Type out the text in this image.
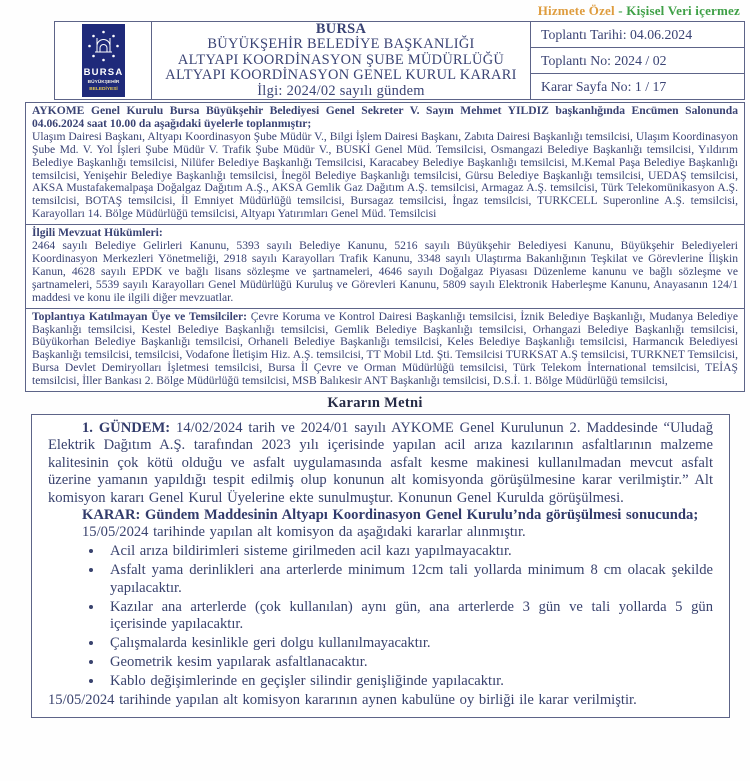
Hizmete Özel - Kişisel Veri içermez
BURSA
BÜYÜKŞEHİR
BELEDİYESİ
BURSA
BÜYÜKŞEHİR BELEDİYE BAŞKANLIĞI
ALTYAPI KOORDİNASYON ŞUBE MÜDÜRLÜĞÜ
ALTYAPI KOORDİNASYON GENEL KURUL KARARI
İlgi: 2024/02 sayılı gündem
Toplantı Tarihi: 04.06.2024
Toplantı No: 2024 / 02
Karar Sayfa No: 1 / 17
AYKOME Genel Kurulu Bursa Büyükşehir Belediyesi Genel Sekreter V. Sayın Mehmet YILDIZ başkanlığında Encümen Salonunda 04.06.2024 saat 10.00 da aşağıdaki üyelerle toplanmıştır;
Ulaşım Dairesi Başkanı, Altyapı Koordinasyon Şube Müdür V., Bilgi İşlem Dairesi Başkanı, Zabıta Dairesi Başkanlığı temsilcisi, Ulaşım Koordinasyon Şube Md. V. Yol İşleri Şube Müdür V. Trafik Şube Müdür V., BUSKİ Genel Müd. Temsilcisi, Osmangazi Belediye Başkanlığı temsilcisi, Yıldırım Belediye Başkanlığı temsilcisi, Nilüfer Belediye Başkanlığı Temsilcisi, Karacabey Belediye Başkanlığı temsilcisi, M.Kemal Paşa Belediye Başkanlığı temsilcisi, Yenişehir Belediye Başkanlığı temsilcisi, İnegöl Belediye Başkanlığı temsilcisi, Gürsu Belediye Başkanlığı temsilcisi, UEDAŞ temsilcisi, AKSA Mustafakemalpaşa Doğalgaz Dağıtım A.Ş., AKSA Gemlik Gaz Dağıtım A.Ş. temsilcisi, Armagaz A.Ş. temsilcisi, Türk Telekomünikasyon A.Ş. temsilcisi, BOTAŞ temsilcisi, İl Emniyet Müdürlüğü temsilcisi, Bursagaz temsilcisi, İngaz temsilcisi, TURKCELL Superonline A.Ş. temsilcisi, Karayolları 14. Bölge Müdürlüğü temsilcisi, Altyapı Yatırımları Genel Müd. Temsilcisi
İlgili Mevzuat Hükümleri:
2464 sayılı Belediye Gelirleri Kanunu, 5393 sayılı Belediye Kanunu, 5216 sayılı Büyükşehir Belediyesi Kanunu, Büyükşehir Belediyeleri Koordinasyon Merkezleri Yönetmeliği, 2918 sayılı Karayolları Trafik Kanunu, 3348 sayılı Ulaştırma Bakanlığının Teşkilat ve Görevlerine İlişkin Kanun, 4628 sayılı EPDK ve bağlı lisans sözleşme ve şartnameleri, 4646 sayılı Doğalgaz Piyasası Düzenleme kanunu ve bağlı sözleşme ve şartnameleri, 5539 sayılı Karayolları Genel Müdürlüğü Kuruluş ve Görevleri Kanunu, 5809 sayılı Elektronik Haberleşme Kanunu, Anayasanın 124/1 maddesi ve konu ile ilgili diğer mevzuatlar.
Toplantıya Katılmayan Üye ve Temsilciler: Çevre Koruma ve Kontrol Dairesi Başkanlığı temsilcisi, İznik Belediye Başkanlığı, Mudanya Belediye Başkanlığı temsilcisi, Kestel Belediye Başkanlığı temsilcisi, Gemlik Belediye Başkanlığı temsilcisi, Orhangazi Belediye Başkanlığı temsilcisi, Büyükorhan Belediye Başkanlığı temsilcisi, Orhaneli Belediye Başkanlığı temsilcisi, Keles Belediye Başkanlığı temsilcisi, Harmancık Belediyesi Başkanlığı temsilcisi, temsilcisi, Vodafone İletişim Hiz. A.Ş. temsilcisi, TT Mobil Ltd. Şti. Temsilcisi TURKSAT A.Ş temsilcisi, TURKNET Temsilcisi, Bursa Devlet Demiryolları İşletmesi temsilcisi, Bursa İl Çevre ve Orman Müdürlüğü temsilcisi, Türk Telekom İnternational temsilcisi, TEİAŞ temsilcisi, İller Bankası 2. Bölge Müdürlüğü temsilcisi, MSB Balıkesir ANT Başkanlığı temsilcisi, D.S.İ. 1. Bölge Müdürlüğü temsilcisi,
Kararın Metni

1. GÜNDEM: 14/02/2024 tarih ve 2024/01 sayılı AYKOME Genel Kurulunun 2. Maddesinde “Uludağ Elektrik Dağıtım A.Ş. tarafından 2023 yılı içerisinde yapılan acil arıza kazılarının asfaltlarının malzeme kalitesinin çok kötü olduğu ve asfalt uygulamasında asfalt kesme makinesi kullanılmadan mevcut asfalt üzerine yamanın yapıldığı tespit edilmiş olup konunun alt komisyonda görüşülmesine karar verilmiştir.” Alt komisyon kararı Genel Kurul Üyelerine ekte sunulmuştur. Konunun Genel Kurulda görüşülmesi.

KARAR: Gündem Maddesinin Altyapı Koordinasyon Genel Kurulu’nda görüşülmesi sonucunda;

15/05/2024 tarihinde yapılan alt komisyon da aşağıdaki kararlar alınmıştır.

• Acil arıza bildirimleri sisteme girilmeden acil kazı yapılmayacaktır.
• Asfalt yama derinlikleri ana arterlerde minimum 12cm tali yollarda minimum 8 cm olacak şekilde yapılacaktır.
• Kazılar ana arterlerde (çok kullanılan) aynı gün, ana arterlerde 3 gün ve tali yollarda 5 gün içerisinde yapılacaktır.
• Çalışmalarda kesinlikle geri dolgu kullanılmayacaktır.
• Geometrik kesim yapılarak asfaltlanacaktır.
• Kablo değişimlerinde en geçişler silindir genişliğinde yapılacaktır.

15/05/2024 tarihinde yapılan alt komisyon kararının aynen kabulüne oy birliği ile karar verilmiştir.
